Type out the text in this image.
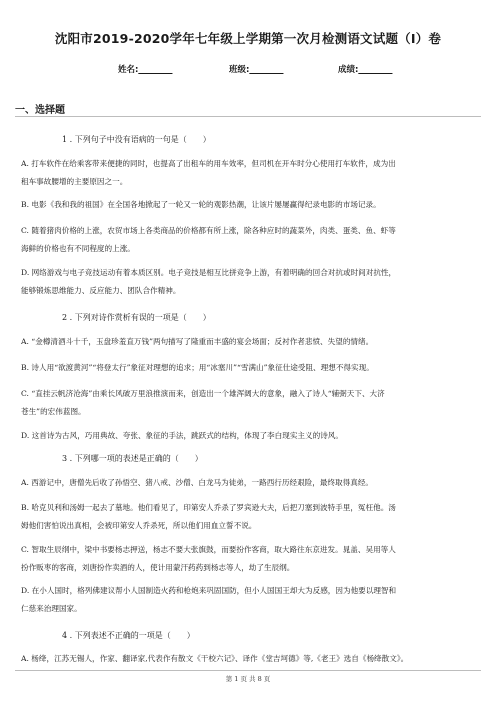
沈阳市2019-2020学年七年级上学期第一次月检测语文试题（I）卷
姓名:________	班级:________	成绩:________
一、选择题
1 . 下列句子中没有语病的一句是（　　）
A. 打车软件在给乘客带来便捷的同时，也提高了出租车的用车效率，但司机在开车时分心使用打车软件，成为出
租车事故腰增的主要原因之一。
B. 电影《我和我的祖国》在全国各地掀起了一轮又一轮的观影热潮，让该片屡屡赢得纪录电影的市场记录。
C. 随着猪肉价格的上涨，农贸市场上各类商品的价格都有所上涨，除各种应时的蔬菜外，肉类、蛋类、鱼、虾等
海鲜的价格也有不同程度的上涨。
D. 网络游戏与电子竞技运动有着本质区别。电子竞技是相互比拼竞争上游，有着明确的回合对抗或时间对抗性，
能够锻炼思维能力、反应能力、团队合作精神。
2 . 下列对诗作赏析有误的一项是（　　）
A. “金樽清酒斗十千，玉盘珍羞直万钱”两句描写了隆重而丰盛的宴会场面；反衬作者悲愤、失望的情绪。
B. 诗人用“欲渡黄河”“将登太行”象征对理想的追求；用“冰塞川”“雪满山”象征仕途受阻、理想不得实现。
C. “直挂云帆济沧海”由乘长风破万里浪推演而来，创造出一个雄浑阔大的意象，融入了诗人“辅弼天下、大济
苍生”的宏伟蓝图。
D. 这首诗为古风，巧用典故、夸张、象征的手法，跳跃式的结构，体现了李白现实主义的诗风。
3 . 下列哪一项的表述是正确的（　　）
A. 西游记中，唐僧先后收了孙悟空、猪八戒、沙僧、白龙马为徒弟，一路西行历经艰险，最终取得真经。
B. 哈克贝利和汤姆一起去了墓地。他们看见了，印第安人乔杀了罗宾逊大夫，后把刀塞到波特手里，冤枉他。汤
姆他们害怕说出真相，会被印第安人乔杀死，所以他们用血立誓不说。
C. 智取生辰纲中，梁中书要杨志押送，杨志不要大张旗鼓，而要扮作客商，取大路往东京进发。晁盖、吴用等人
扮作贩枣的客商，刘唐扮作卖酒的人，使计用蒙汗药药到杨志等人，劫了生辰纲。
D. 在小人国时，格列佛建议帮小人国制造火药和枪炮来巩固国防，但小人国国王却大为反感，因为他要以理智和
仁慈来治理国家。
4 . 下列表述不正确的一项是（　　）
A. 杨绛，江苏无锡人，作家、翻译家,代表作有散文《干校六记》、译作《堂吉坷德》等,《老王》选自《杨绛散文》。
第 1 页 共 8 页
